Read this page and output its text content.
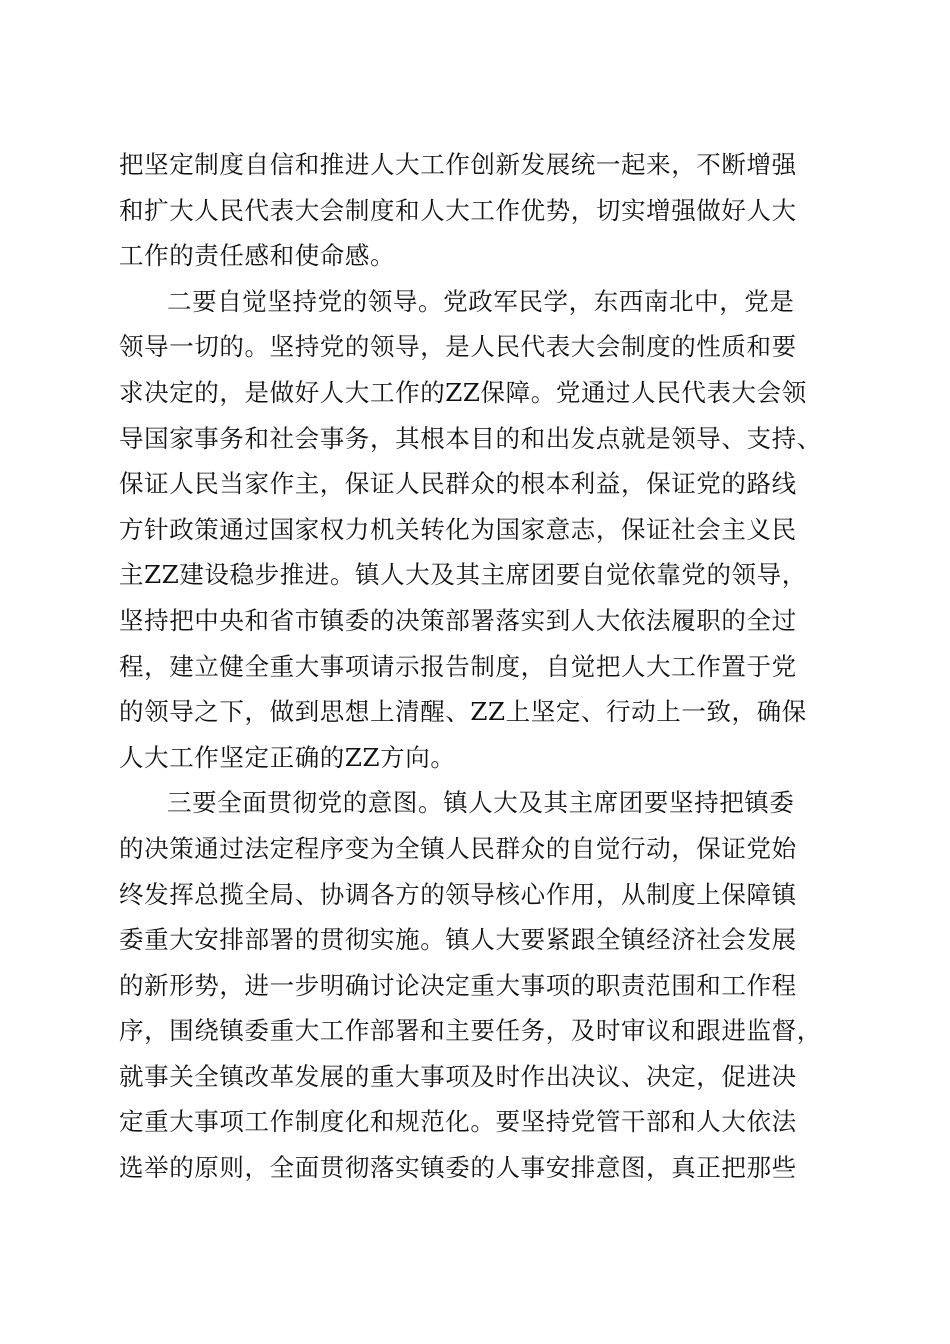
把坚定制度自信和推进人大工作创新发展统一起来，不断增强
和扩大人民代表大会制度和人大工作优势，切实增强做好人大
工作的责任感和使命感。
二要自觉坚持党的领导。党政军民学，东西南北中，党是
领导一切的。坚持党的领导，是人民代表大会制度的性质和要
求决定的，是做好人大工作的ZZ保障。党通过人民代表大会领
导国家事务和社会事务，其根本目的和出发点就是领导、支持、
保证人民当家作主，保证人民群众的根本利益，保证党的路线
方针政策通过国家权力机关转化为国家意志，保证社会主义民
主ZZ建设稳步推进。镇人大及其主席团要自觉依靠党的领导，
坚持把中央和省市镇委的决策部署落实到人大依法履职的全过
程，建立健全重大事项请示报告制度，自觉把人大工作置于党
的领导之下，做到思想上清醒、ZZ上坚定、行动上一致，确保
人大工作坚定正确的ZZ方向。
三要全面贯彻党的意图。镇人大及其主席团要坚持把镇委
的决策通过法定程序变为全镇人民群众的自觉行动，保证党始
终发挥总揽全局、协调各方的领导核心作用，从制度上保障镇
委重大安排部署的贯彻实施。镇人大要紧跟全镇经济社会发展
的新形势，进一步明确讨论决定重大事项的职责范围和工作程
序，围绕镇委重大工作部署和主要任务，及时审议和跟进监督，
就事关全镇改革发展的重大事项及时作出决议、决定，促进决
定重大事项工作制度化和规范化。要坚持党管干部和人大依法
选举的原则，全面贯彻落实镇委的人事安排意图，真正把那些
